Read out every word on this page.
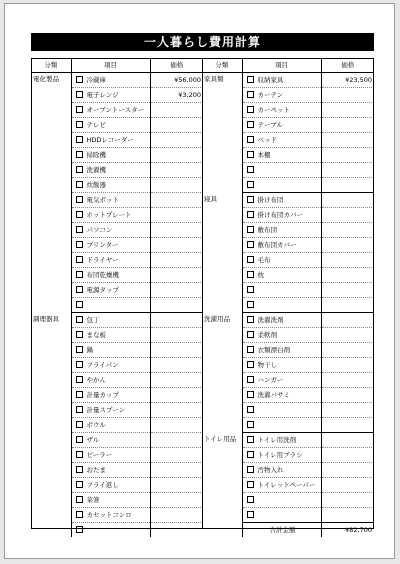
一人暮らし費用計算
分類	項目	価格
電化製品	冷蔵庫	¥56,000
	電子レンジ	¥3,200
	オーブントースター	
	テレビ	
	HDDレコーダー	
	掃除機	
	洗濯機	
	炊飯器	
	電気ポット	
	ホットプレート	
	パソコン	
	プリンター	
	ドライヤー	
	布団乾燥機	
	電源タップ	

調理器具	包丁	
	まな板	
	鍋	
	フライパン	
	やかん	
	計量カップ	
	計量スプーン	
	ボウル	
	ザル	
	ピーラー	
	おたま	
	フライ返し	
	菜箸	
	カセットコンロ	

分類	項目	価格
家具類	収納家具	¥23,500
	カーテン	
	カーペット	
	テーブル	
	ベッド	
	本棚	

寝具	掛け布団	
	掛け布団カバー	
	敷布団	
	敷布団カバー	
	毛布	
	枕	

洗濯用品	洗濯洗剤	
	柔軟剤	
	衣類漂白剤	
	物干し	
	ハンガー	
	洗濯バサミ	

トイレ用品	トイレ用洗剤	
	トイレ用ブラシ	
	汚物入れ	
	トイレットペーパー	

	合計金額	¥82,700
